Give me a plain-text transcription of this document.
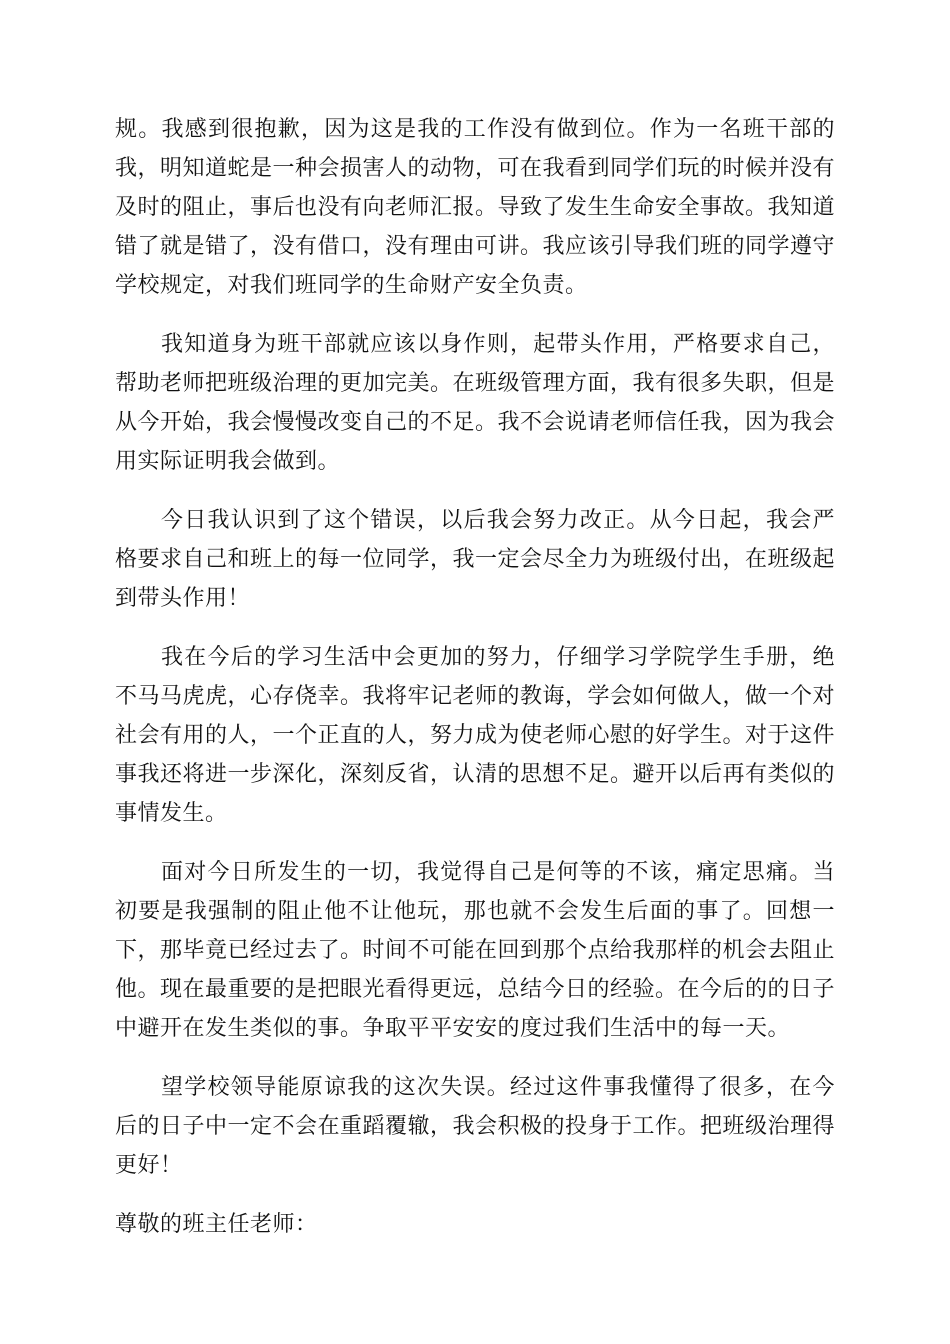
规。我感到很抱歉，因为这是我的工作没有做到位。作为一名班干部的我，明知道蛇是一种会损害人的动物，可在我看到同学们玩的时候并没有及时的阻止，事后也没有向老师汇报。导致了发生生命安全事故。我知道错了就是错了，没有借口，没有理由可讲。我应该引导我们班的同学遵守学校规定，对我们班同学的生命财产安全负责。

我知道身为班干部就应该以身作则，起带头作用，严格要求自己，帮助老师把班级治理的更加完美。在班级管理方面，我有很多失职，但是从今开始，我会慢慢改变自己的不足。我不会说请老师信任我，因为我会用实际证明我会做到。

今日我认识到了这个错误，以后我会努力改正。从今日起，我会严格要求自己和班上的每一位同学，我一定会尽全力为班级付出，在班级起到带头作用！

我在今后的学习生活中会更加的努力，仔细学习学院学生手册，绝不马马虎虎，心存侥幸。我将牢记老师的教诲，学会如何做人，做一个对社会有用的人，一个正直的人，努力成为使老师心慰的好学生。对于这件事我还将进一步深化，深刻反省，认清的思想不足。避开以后再有类似的事情发生。

面对今日所发生的一切，我觉得自己是何等的不该，痛定思痛。当初要是我强制的阻止他不让他玩，那也就不会发生后面的事了。回想一下，那毕竟已经过去了。时间不可能在回到那个点给我那样的机会去阻止他。现在最重要的是把眼光看得更远，总结今日的经验。在今后的的日子中避开在发生类似的事。争取平平安安的度过我们生活中的每一天。

望学校领导能原谅我的这次失误。经过这件事我懂得了很多，在今后的日子中一定不会在重蹈覆辙，我会积极的投身于工作。把班级治理得更好！

尊敬的班主任老师：
